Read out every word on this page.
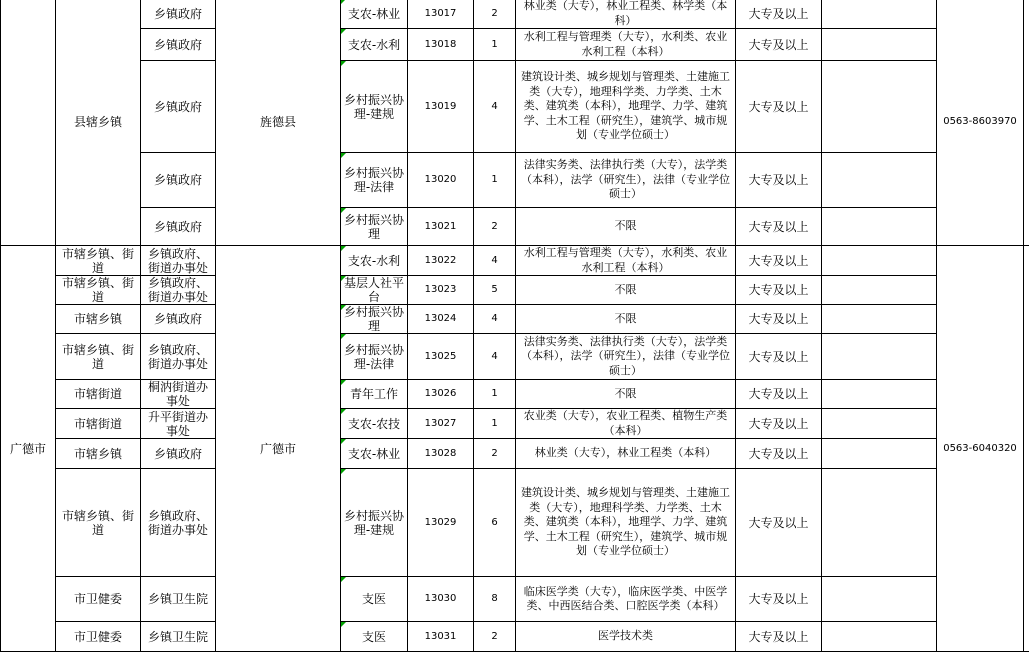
	县辖乡镇	乡镇政府	旌德县	支农-林业	13017	2	林业类（大专），林业工程类、林学类（本科）	大专及以上		0563-8603970	
		乡镇政府		支农-水利	13018	1	水利工程与管理类（大专），水利类、农业水利工程（本科）	大专及以上			
		乡镇政府		乡村振兴协理-建规	13019	4	建筑设计类、城乡规划与管理类、土建施工类（大专），地理科学类、力学类、土木类、建筑类（本科），地理学、力学、建筑学、土木工程（研究生），建筑学、城市规划（专业学位硕士）	大专及以上			
		乡镇政府		乡村振兴协理-法律	13020	1	法律实务类、法律执行类（大专），法学类（本科），法学（研究生），法律（专业学位硕士）	大专及以上			
		乡镇政府		乡村振兴协理	13021	2	不限	大专及以上			
广德市	市辖乡镇、街道	乡镇政府、街道办事处	广德市	支农-水利	13022	4	水利工程与管理类（大专），水利类、农业水利工程（本科）	大专及以上		0563-6040320	
	市辖乡镇、街道	乡镇政府、街道办事处		基层人社平台	13023	5	不限	大专及以上			
	市辖乡镇	乡镇政府		乡村振兴协理	13024	4	不限	大专及以上			
	市辖乡镇、街道	乡镇政府、街道办事处		乡村振兴协理-法律	13025	4	法律实务类、法律执行类（大专），法学类（本科），法学（研究生），法律（专业学位硕士）	大专及以上			
	市辖街道	桐汭街道办事处		青年工作	13026	1	不限	大专及以上			
	市辖街道	升平街道办事处		支农-农技	13027	1	农业类（大专），农业工程类、植物生产类（本科）	大专及以上			
	市辖乡镇	乡镇政府		支农-林业	13028	2	林业类（大专），林业工程类（本科）	大专及以上			
	市辖乡镇、街道	乡镇政府、街道办事处		乡村振兴协理-建规	13029	6	建筑设计类、城乡规划与管理类、土建施工类（大专），地理科学类、力学类、土木类、建筑类（本科），地理学、力学、建筑学、土木工程（研究生），建筑学、城市规划（专业学位硕士）	大专及以上			
	市卫健委	乡镇卫生院		支医	13030	8	临床医学类（大专），临床医学类、中医学类、中西医结合类、口腔医学类（本科）	大专及以上			
	市卫健委	乡镇卫生院		支医	13031	2	医学技术类	大专及以上			
